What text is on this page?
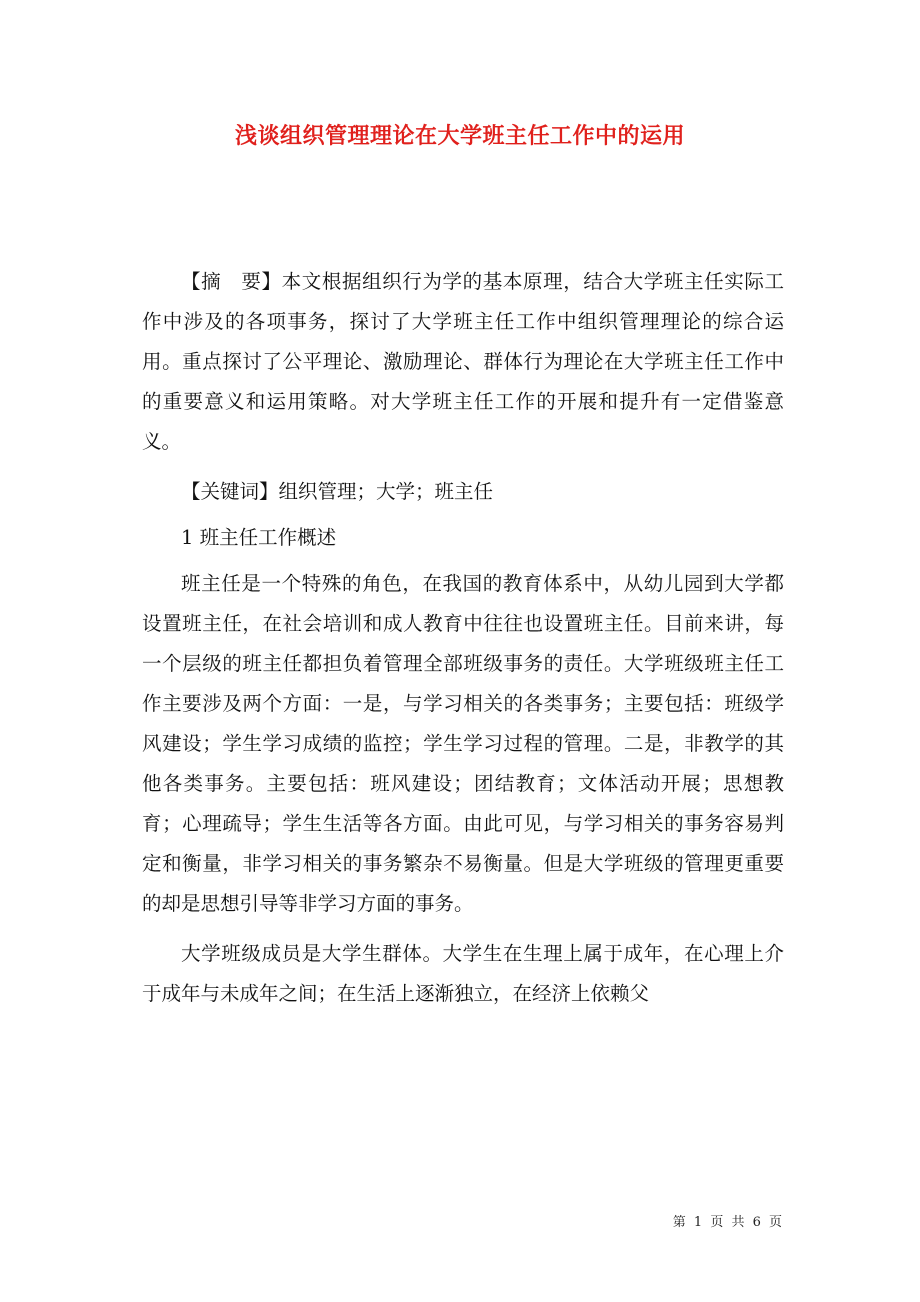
浅谈组织管理理论在大学班主任工作中的运用

【摘　要】本文根据组织行为学的基本原理，结合大学班主任实际工作中涉及的各项事务，探讨了大学班主任工作中组织管理理论的综合运用。重点探讨了公平理论、激励理论、群体行为理论在大学班主任工作中的重要意义和运用策略。对大学班主任工作的开展和提升有一定借鉴意义。

【关键词】组织管理；大学；班主任

1 班主任工作概述

班主任是一个特殊的角色，在我国的教育体系中，从幼儿园到大学都设置班主任，在社会培训和成人教育中往往也设置班主任。目前来讲，每一个层级的班主任都担负着管理全部班级事务的责任。大学班级班主任工作主要涉及两个方面：一是，与学习相关的各类事务；主要包括：班级学风建设；学生学习成绩的监控；学生学习过程的管理。二是，非教学的其他各类事务。主要包括：班风建设；团结教育；文体活动开展；思想教育；心理疏导；学生生活等各方面。由此可见，与学习相关的事务容易判定和衡量，非学习相关的事务繁杂不易衡量。但是大学班级的管理更重要的却是思想引导等非学习方面的事务。

大学班级成员是大学生群体。大学生在生理上属于成年，在心理上介于成年与未成年之间；在生活上逐渐独立，在经济上依赖父

第 1 页 共 6 页
